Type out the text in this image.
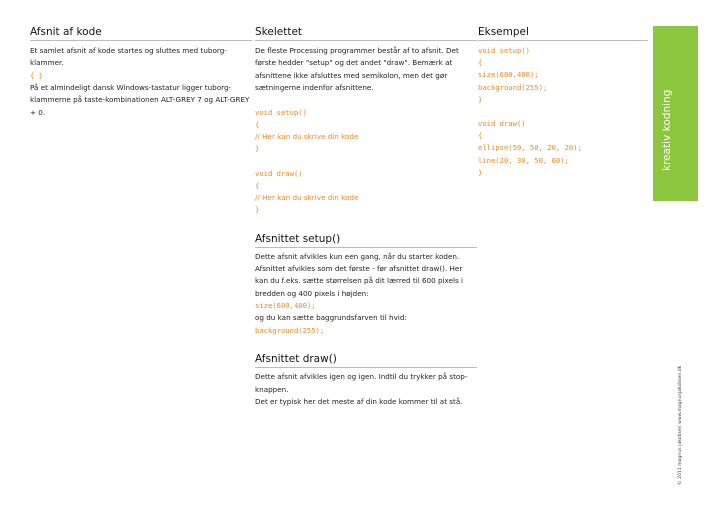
Afsnit af kode

Et samlet afsnit af kode startes og sluttes med tuborg-klammer.

{ }

På et almindeligt dansk Windows-tastatur ligger tuborg-klammerne på taste-kombinationen ALT-GREY 7 og ALT-GREY + 0.

Skelettet

De fleste Processing programmer består af to afsnit. Det første hedder "setup" og det andet "draw". Bemærk at afsnittene ikke afsluttes med semikolon, men det gør sætningerne indenfor afsnittene.

void setup()

{

// Her kan du skrive din kode

}

void draw()

{

// Her kan du skrive din kode

}

Afsnittet setup()

Dette afsnit afvikles kun een gang, når du starter koden. Afsnittet afvikles som det første - før afsnittet draw(). Her kan du f.eks. sætte størrelsen på dit lærred til 600 pixels i bredden og 400 pixels i højden:

size(600,400);

og du kan sætte baggrundsfarven til hvid:

background(255);

Afsnittet draw()

Dette afsnit afvikles igen og igen. Indtil du trykker på stop-knappen.

Det er typisk her det meste af din kode kommer til at stå.

Eksempel

void setup()

{

size(600,400);

background(255);

}

void draw()

{

ellipse(50, 50, 20, 20);

line(20, 30, 50, 60);

}

kreativ kodning
© 2011 magnus Jakobsen www.magnusjakobsen.dk
